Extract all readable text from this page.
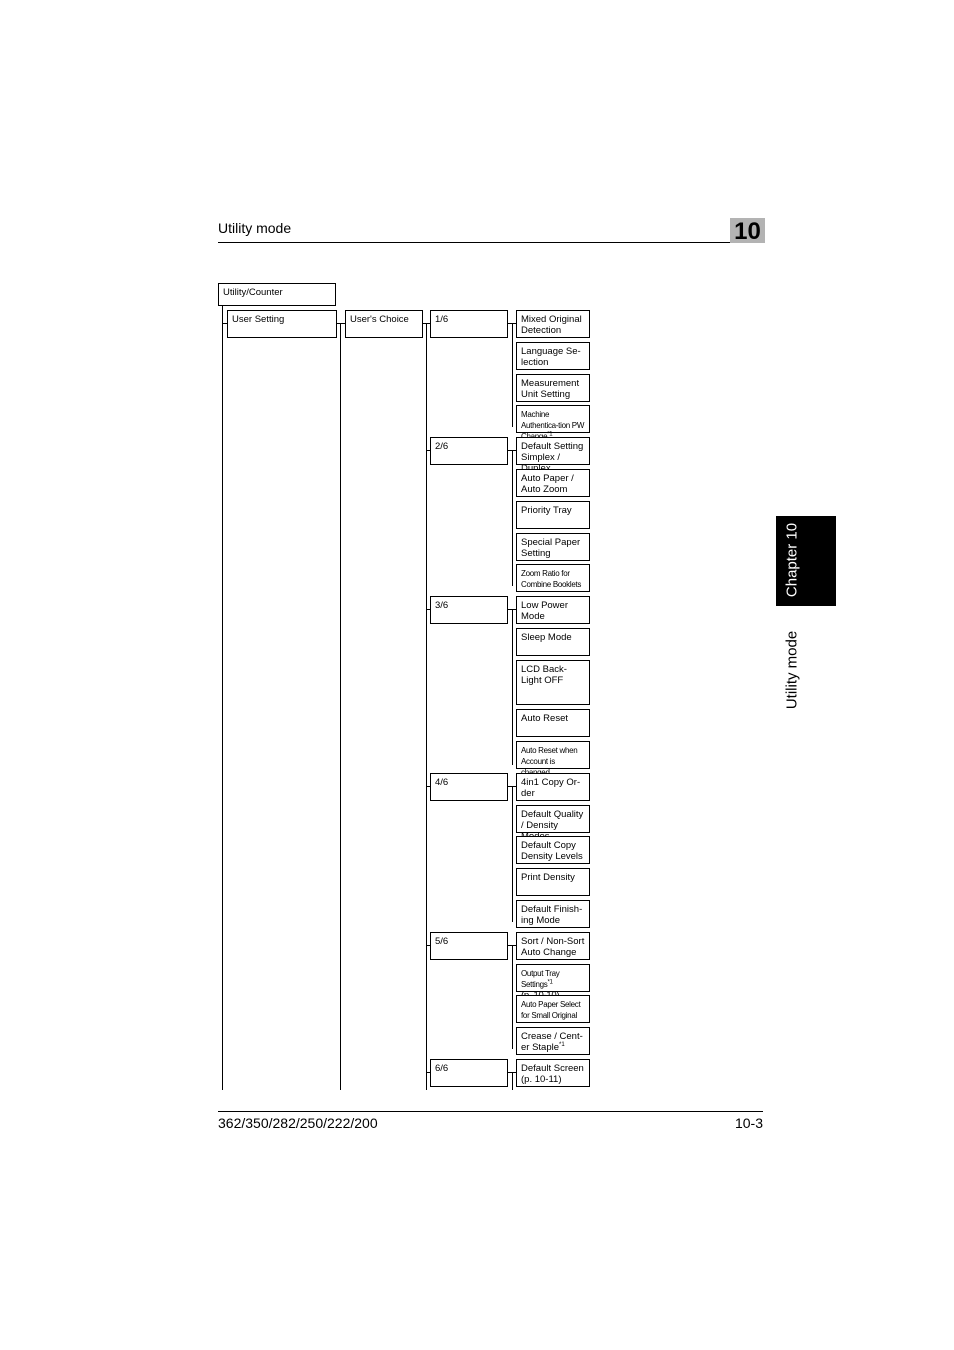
Utility mode	10
Chapter 10
Utility mode
Utility/Counter
User Setting	User's Choice	1/6
2/6
3/6
4/6
5/6
6/6
Mixed Original Detection
Language Se-lection
Measurement Unit Setting
Machine Authentica-tion PW $^{*1}$
Default Setting Simplex /
Auto Paper / Auto Zoom
Priority Tray
Special Paper Setting
Zoom Ratio for Combine Booklets
Low Power Mode
Sleep Mode
LCD Back-Light OFF
Auto Reset
Auto Reset when Account is
4in1 Copy Or-der
Default Quality / Density
Default Copy Density Levels
Print Density
Default Finish-ing Mode
Sort / Non-Sort Auto Change
Output Tray Settings$^{*1}$

Auto Paper Select for Small Original
Crease / Cent-er Staple$^{*1}$
Default Screen
(p. 10-11)
362/350/282/250/222/200	10-3
